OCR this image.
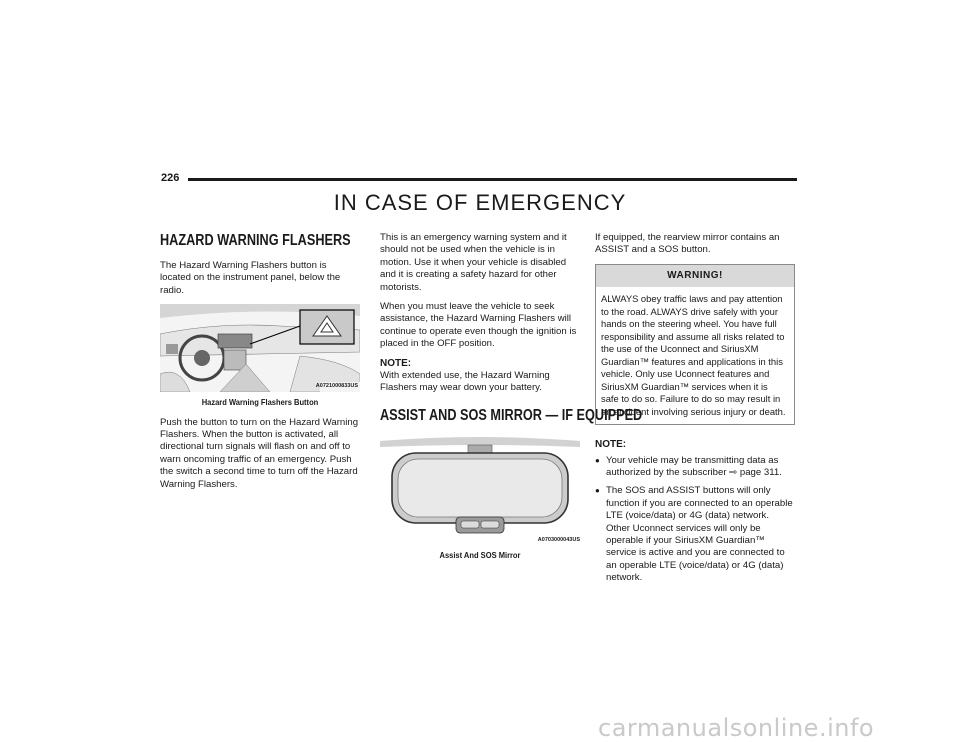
226
IN CASE OF EMERGENCY
HAZARD WARNING FLASHERS

The Hazard Warning Flashers button is located on the instrument panel, below the radio.

A0721000833US
Hazard Warning Flashers Button

Push the button to turn on the Hazard Warning Flashers. When the button is activated, all directional turn signals will flash on and off to warn oncoming traffic of an emergency. Push the switch a second time to turn off the Hazard Warning Flashers.

This is an emergency warning system and it should not be used when the vehicle is in motion. Use it when your vehicle is disabled and it is creating a safety hazard for other motorists.

When you must leave the vehicle to seek assistance, the Hazard Warning Flashers will continue to operate even though the ignition is placed in the OFF position.

NOTE:

With extended use, the Hazard Warning Flashers may wear down your battery.

ASSIST AND SOS MIRROR — IF EQUIPPED
A0703000043US
Assist And SOS Mirror

If equipped, the rearview mirror contains an ASSIST and a SOS button.

WARNING!
ALWAYS obey traffic laws and pay attention to the road. ALWAYS drive safely with your hands on the steering wheel. You have full responsibility and assume all risks related to the use of the Uconnect and SiriusXM Guardian™ features and applications in this vehicle. Only use Uconnect features and SiriusXM Guardian™ services when it is safe to do so. Failure to do so may result in an accident involving serious injury or death.
NOTE:
● Your vehicle may be transmitting data as authorized by the subscriber ⇨ page 311.
● The SOS and ASSIST buttons will only function if you are connected to an operable LTE (voice/data) or 4G (data) network. Other Uconnect services will only be operable if your SiriusXM Guardian™ service is active and you are connected to an operable LTE (voice/data) or 4G (data) network.
carmanualsonline.info
